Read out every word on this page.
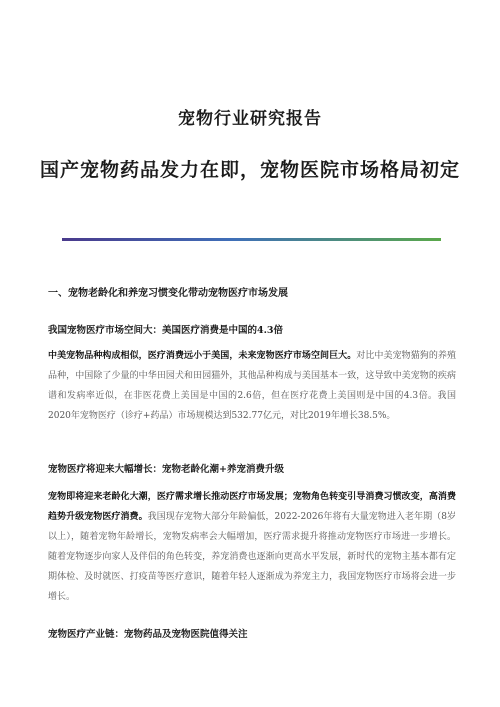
宠物行业研究报告
国产宠物药品发力在即，宠物医院市场格局初定
一、宠物老龄化和养宠习惯变化带动宠物医疗市场发展
我国宠物医疗市场空间大：美国医疗消费是中国的4.3倍
中美宠物品种构成相似，医疗消费远小于美国，未来宠物医疗市场空间巨大。对比中美宠物猫狗的养殖品种，中国除了少量的中华田园犬和田园猫外，其他品种构成与美国基本一致，这导致中美宠物的疾病谱和发病率近似，在非医花费上美国是中国的2.6倍，但在医疗花费上美国则是中国的4.3倍。我国2020年宠物医疗（诊疗+药品）市场规模达到532.77亿元，对比2019年增长38.5%。
宠物医疗将迎来大幅增长：宠物老龄化潮+养宠消费升级
宠物即将迎来老龄化大潮，医疗需求增长推动医疗市场发展；宠物角色转变引导消费习惯改变，高消费趋势升级宠物医疗消费。我国现存宠物大部分年龄偏低，2022-2026年将有大量宠物进入老年期（8岁以上），随着宠物年龄增长，宠物发病率会大幅增加，医疗需求提升将推动宠物医疗市场进一步增长。随着宠物逐步向家人及伴侣的角色转变，养宠消费也逐渐向更高水平发展，新时代的宠物主基本都有定期体检、及时就医、打疫苗等医疗意识，随着年轻人逐渐成为养宠主力，我国宠物医疗市场将会进一步增长。
宠物医疗产业链：宠物药品及宠物医院值得关注
